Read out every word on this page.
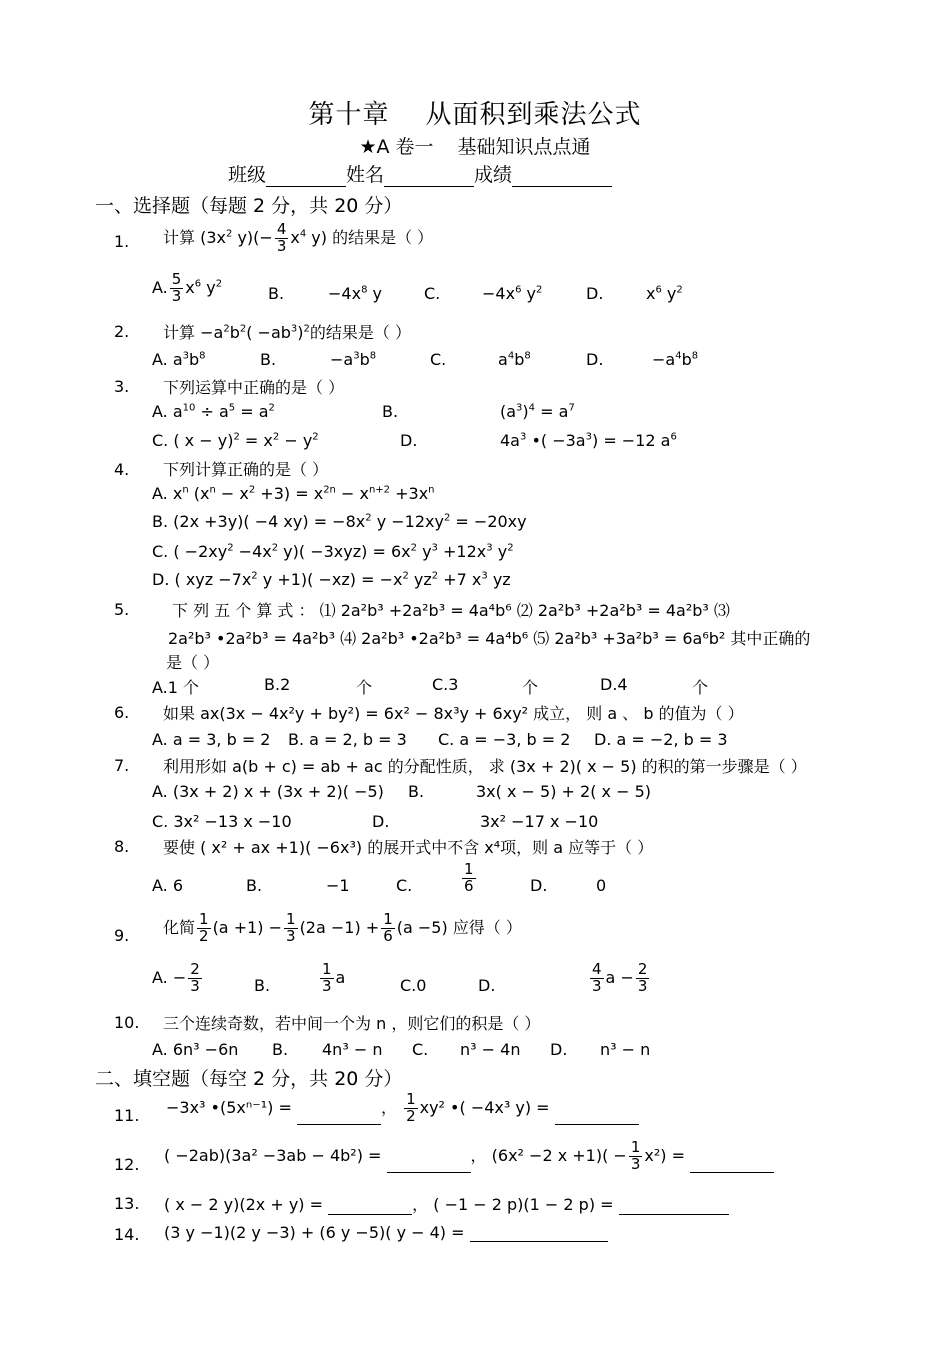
第十章 从面积到乘法公式
★A 卷一 基础知识点点通
班级	姓名	成绩
一、选择题（每题 2 分，共 20 分）
1. 计算 ($3x^2$ $y)(- \frac{4}{3} x^4$ y) 的结果是（ ）
A. $\frac{5}{3} x^6$ $y^2$
B.	$-4x^8$ y	C.	$-4x^6$ $y^2$	D.	$x^6$ $y^2$
2. 计算 $-a^2b^2( -ab^3)^2$的结果是（ ）
A. $a^3b^8$	B.	$-a^3b^8$	C.	$a^4b^8$	D.	$-a^4b^8$
3. 下列运算中正确的是（ ）
A. $a^{10} \div a^5 = a^2$	B.	$(a^3)^4 = a^7$
C. ( $x - y)^2 = x^2 - y^2$	D.	$4a^3$ •( $-3a^3) = -12$ $a^6$
4. 下列计算正确的是（ ）
A. $x^n$ $(x^n - x^2 +3) = x^{2n} - x^{n+2} +3x^n$
B. (2x +3y)( −4 $xy) = -8x^2$ $y -12xy^2 = -20xy$
C. ( $-2xy^2 -4x^2$ $y)( -3xyz) = 6x^2$ $y^3 +12x^3$ $y^2$
D. ( xyz $-7x^2$ $y +1)( -xz) = -x^2$ $yz^2 +7$ $x^3$ yz
5.	下 列 五 个 算 式 ： ⑴ 2a²b³ +2a²b³ = 4a⁴b⁶ ⑵ 2a²b³ +2a²b³ = 4a²b³ ⑶
2a²b³ •2a²b³ = 4a²b³ ⑷ 2a²b³ •2a²b³ = 4a⁴b⁶ ⑸ 2a²b³ +3a²b³ = 6a⁶b² 其中正确的
是（ ）
A.1 个	B.2	个	C.3	个	D.4	个
6. 如果 ax(3x − 4x²y + by²) = 6x² − 8x³y + 6xy² 成立， 则 a 、 b 的值为（ ）
A. a = 3, b = 2 B. a = 2, b = 3 C. a = −3, b = 2 D. a = −2, b = 3
7. 利用形如 a(b + c) = ab + ac 的分配性质， 求 (3x + 2)( x − 5) 的积的第一步骤是（ ）
A. (3x + 2) x + (3x + 2)( −5) B.	3x( x − 5) + 2( x − 5)
C. 3x² −13 x −10	D.	3x² −17 x −10
8. 要使 ( x² + ax +1)( −6x³) 的展开式中不含 x⁴项，则 a 应等于（ ）
A. 6	B.	−1	C.	$\frac{1}{6}$	D.	0
9. 化简 $\frac{1}{2} (a +1) - \frac{1}{3} (2a -1) + \frac{1}{6} (a -5)$ 应得（ ）
A. − $\frac{2}{3}$	B.	$\frac{1}{3}$ a	C.0	D.	$\frac{4}{3}$ $a - \frac{2}{3}$
10. 三个连续奇数，若中间一个为 n ，则它们的积是（ ）
A. 6n³ −6n B. 4n³ − n C. n³ − 4n D. n³ − n
二、填空题（每空 2 分，共 20 分）
11. −3x³ •(5xⁿ⁻¹) =	， $\frac{1}{2} xy^2$ •( −4x³ y) =
12. ( −2ab)(3a² −3ab − 4b²) =	， (6x² −2 $x +1)( - \frac{1}{3} x^2)$ =
13. ( x − 2 y)(2x + y) =	， ( −1 − 2 p)(1 − 2 p) =
14. (3 y −1)(2 y −3) + (6 y −5)( y − 4) =
